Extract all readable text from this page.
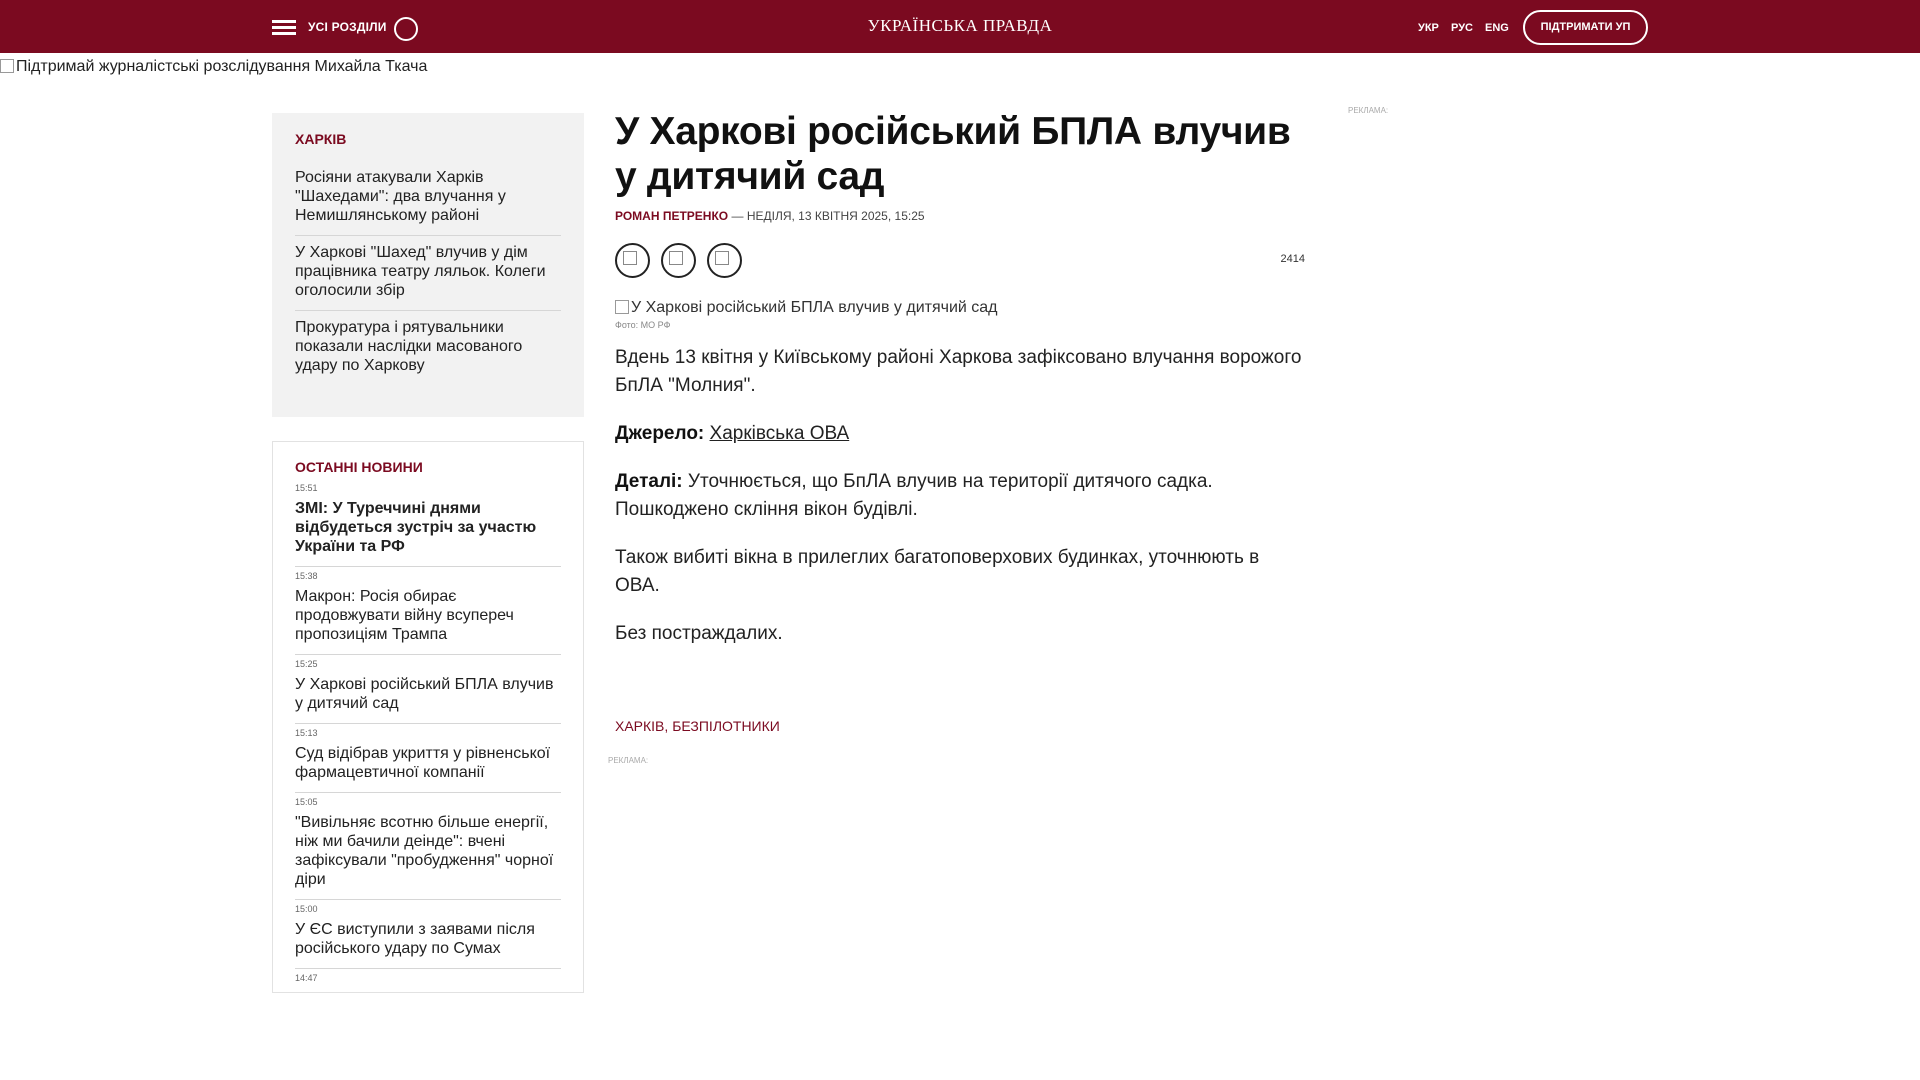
УСІ РОЗДІЛИ	УКРАЇНСЬКА ПРАВДА	УКР РУС ENG	ПІДТРИМАТИ УП
Підтримай журналістські розслідування Михайла Ткача
ХАРКІВ
Росіяни атакували Харків "Шахедами": два влучання у Немишлянському районі
У Харкові "Шахед" влучив у дім працівника театру ляльок. Колеги оголосили збір
Прокуратура і рятувальники показали наслідки масованого удару по Харкову
ОСТАННІ НОВИНИ
15:51
ЗМІ: У Туреччині днями відбудеться зустріч за участю України та РФ
15:38
Макрон: Росія обирає продовжувати війну всупереч пропозиціям Трампа
15:25
У Харкові російський БПЛА влучив у дитячий сад
15:13
Суд відібрав укриття у рівненської фармацевтичної компанії
15:05
"Вивільняє всотню більше енергії, ніж ми бачили деінде": вчені зафіксували "пробудження" чорної діри
15:00
У ЄС виступили з заявами після російського удару по Сумах
14:47
У Харкові російський БПЛА влучив у дитячий сад
РОМАН ПЕТРЕНКО — НЕДІЛЯ, 13 КВІТНЯ 2025, 15:25
2414
У Харкові російський БПЛА влучив у дитячий сад
Фото: МО РФ

Вдень 13 квітня у Київському районі Харкова зафіксовано влучання ворожого БпЛА "Молния".

Джерело: Харківська ОВА

Деталі: Уточнюється, що БпЛА влучив на території дитячого садка. Пошкоджено скління вікон будівлі.

Також вибиті вікна в прилеглих багатоповерхових будинках, уточнюють в ОВА.

Без постраждалих.

ХАРКІВ, БЕЗПІЛОТНИКИ
РЕКЛАМА:
РЕКЛАМА:
